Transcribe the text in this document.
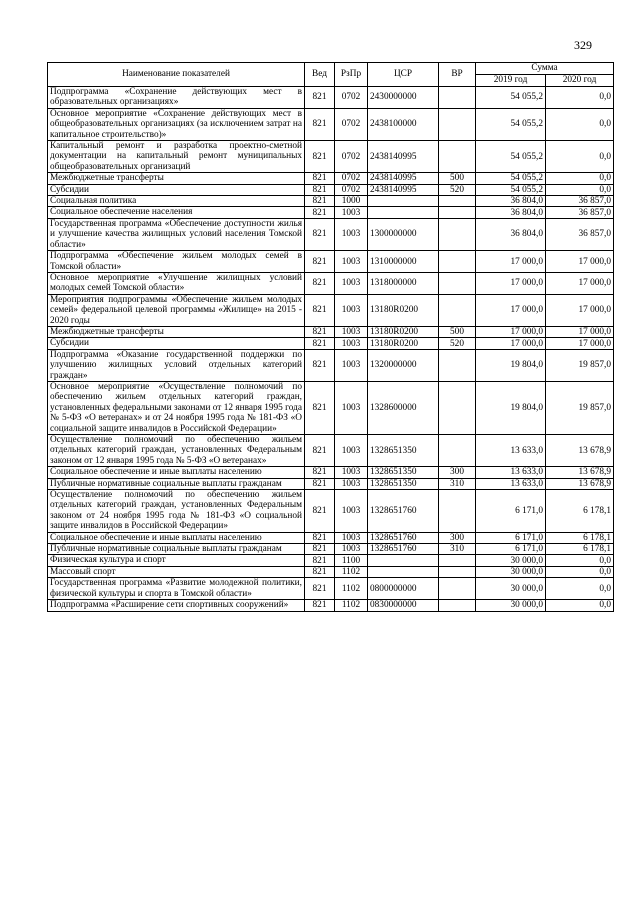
329
Наименование показателей	Вед	РзПр	ЦСР	ВР	Сумма	
					2019 год	2020 год
Подпрограмма «Сохранение действующих мест в образовательных организациях»	821	0702	2430000000		54 055,2	0,0
Основное мероприятие «Сохранение действующих мест в общеобразовательных организациях (за исключением затрат на капитальное строительство)»	821	0702	2438100000		54 055,2	0,0
Капитальный ремонт и разработка проектно-сметной документации на капитальный ремонт муниципальных общеобразовательных организаций	821	0702	2438140995		54 055,2	0,0
Межбюджетные трансферты	821	0702	2438140995	500	54 055,2	0,0
Субсидии	821	0702	2438140995	520	54 055,2	0,0
Социальная политика	821	1000			36 804,0	36 857,0
Социальное обеспечение населения	821	1003			36 804,0	36 857,0
Государственная программа «Обеспечение доступности жилья и улучшение качества жилищных условий населения Томской области»	821	1003	1300000000		36 804,0	36 857,0
Подпрограмма «Обеспечение жильем молодых семей в Томской области»	821	1003	1310000000		17 000,0	17 000,0
Основное мероприятие «Улучшение жилищных условий молодых семей Томской области»	821	1003	1318000000		17 000,0	17 000,0
Мероприятия подпрограммы «Обеспечение жильем молодых семей» федеральной целевой программы «Жилище» на 2015 - 2020 годы	821	1003	13180R0200		17 000,0	17 000,0
Межбюджетные трансферты	821	1003	13180R0200	500	17 000,0	17 000,0
Субсидии	821	1003	13180R0200	520	17 000,0	17 000,0
Подпрограмма «Оказание государственной поддержки по улучшению жилищных условий отдельных категорий граждан»	821	1003	1320000000		19 804,0	19 857,0
Основное мероприятие «Осуществление полномочий по обеспечению жильем отдельных категорий граждан, установленных федеральными законами от 12 января 1995 года № 5-ФЗ «О ветеранах» и от 24 ноября 1995 года № 181-ФЗ «О социальной защите инвалидов в Российской Федерации»	821	1003	1328600000		19 804,0	19 857,0
Осуществление полномочий по обеспечению жильем отдельных категорий граждан, установленных Федеральным законом от 12 января 1995 года № 5-ФЗ «О ветеранах»	821	1003	1328651350		13 633,0	13 678,9
Социальное обеспечение и иные выплаты населению	821	1003	1328651350	300	13 633,0	13 678,9
Публичные нормативные социальные выплаты гражданам	821	1003	1328651350	310	13 633,0	13 678,9
Осуществление полномочий по обеспечению жильем отдельных категорий граждан, установленных Федеральным законом от 24 ноября 1995 года № 181-ФЗ «О социальной защите инвалидов в Российской Федерации»	821	1003	1328651760		6 171,0	6 178,1
Социальное обеспечение и иные выплаты населению	821	1003	1328651760	300	6 171,0	6 178,1
Публичные нормативные социальные выплаты гражданам	821	1003	1328651760	310	6 171,0	6 178,1
Физическая культура и спорт	821	1100			30 000,0	0,0
Массовый спорт	821	1102			30 000,0	0,0
Государственная программа «Развитие молодежной политики, физической культуры и спорта в Томской области»	821	1102	0800000000		30 000,0	0,0
Подпрограмма «Расширение сети спортивных сооружений»	821	1102	0830000000		30 000,0	0,0
